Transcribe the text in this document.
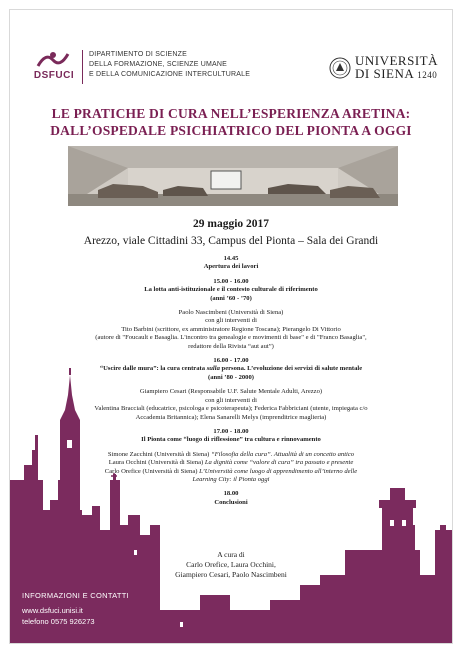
DSFUCI
DIPARTIMENTO DI SCIENZE
DELLA FORMAZIONE, SCIENZE UMANE
E DELLA COMUNICAZIONE INTERCULTURALE
UNIVERSITÀ
DI SIENA 1240
LE PRATICHE DI CURA NELL’ESPERIENZA ARETINA:
DALL’OSPEDALE PSICHIATRICO DEL PIONTA A OGGI
29 maggio 2017
Arezzo, viale Cittadini 33, Campus del Pionta – Sala dei Grandi
14.45
Apertura dei lavori
15.00 - 16.00
La lotta anti-istituzionale e il contesto culturale di riferimento
(anni ’60 - ’70)
Paolo Nascimbeni (Università di Siena)
con gli interventi di
Tito Barbini (scrittore, ex amministratore Regione Toscana); Pierangelo Di Vittorio
(autore di "Foucault e Basaglia. L'incontro tra genealogie e movimenti di base" e di "Franco Basaglia",
redattore della Rivista “aut aut”)
16.00 - 17.00
“Uscire dalle mura”: la cura centrata sulla persona. L’evoluzione dei servizi di salute mentale
(anni ’80 - 2000)
Giampiero Cesari (Responsabile U.F. Salute Mentale Adulti, Arezzo)
con gli interventi di
Valentina Bracciali (educatrice, psicologa e psicoterapeuta); Federica Fabbriciani (utente, impiegata c/o
Accademia Britannica); Elena Sanarelli Melys (imprenditrice maglieria)
17.00 - 18.00
Il Pionta come “luogo di riflessione” tra cultura e rinnovamento
Simone Zacchini (Università di Siena) “Filosofia della cura”. Attualità di un concetto antico
Laura Occhini (Università di Siena) La dignità come “valore di cura” tra passato e presente
Carlo Orefice (Università di Siena) L’Università come luogo di apprendimento all’interno delle
Learning City: il Pionta oggi
18.00
Conclusioni
A cura di
Carlo Orefice, Laura Occhini,
Giampiero Cesari, Paolo Nascimbeni
INFORMAZIONI E CONTATTI
www.dsfuci.unisi.it
telefono 0575 926273
